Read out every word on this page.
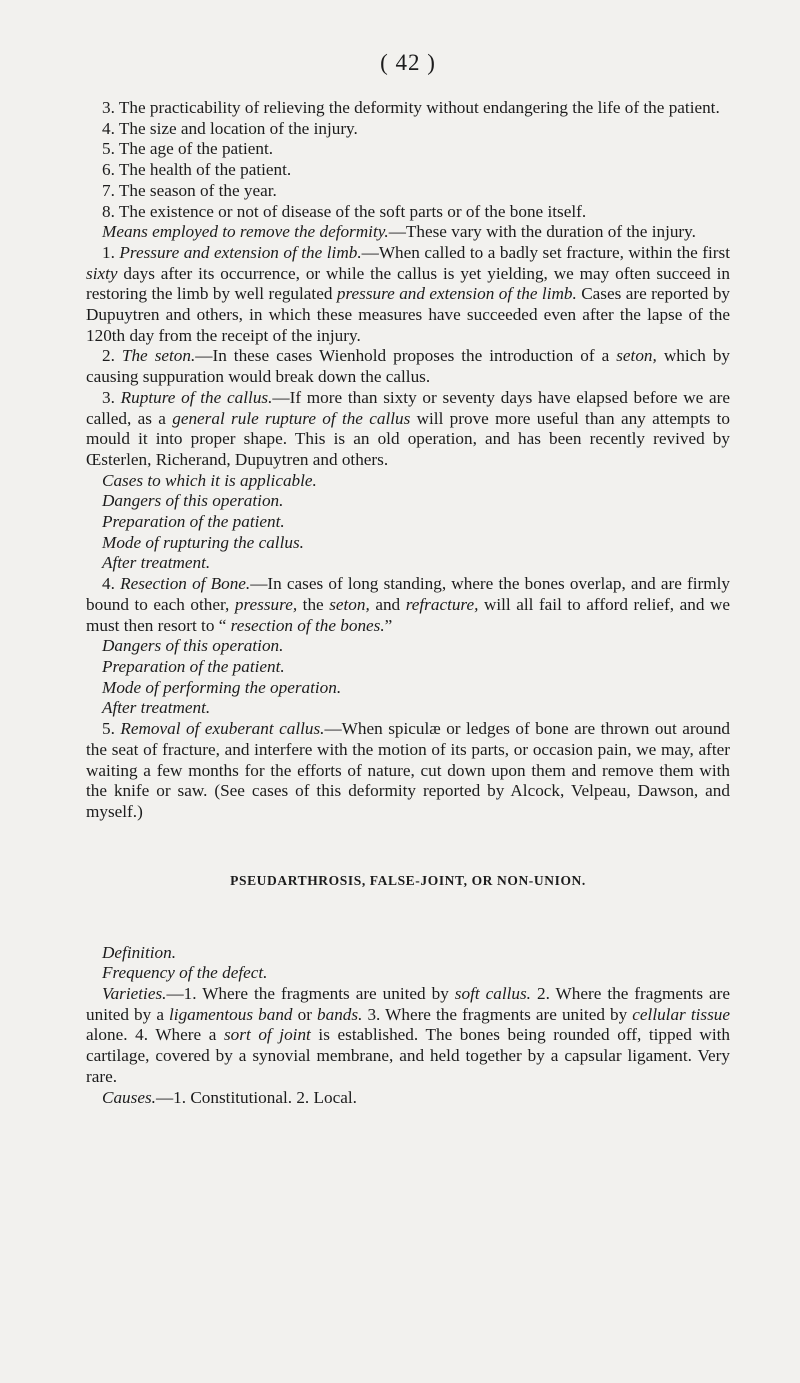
( 42 )

3. The practicability of relieving the deformity without endangering the life of the patient.

4. The size and location of the injury.

5. The age of the patient.

6. The health of the patient.

7. The season of the year.

8. The existence or not of disease of the soft parts or of the bone itself.

Means employed to remove the deformity.—These vary with the duration of the injury.

1. Pressure and extension of the limb.—When called to a badly set fracture, within the first sixty days after its occurrence, or while the callus is yet yielding, we may often succeed in restoring the limb by well regulated pressure and extension of the limb. Cases are reported by Dupuytren and others, in which these measures have succeeded even after the lapse of the 120th day from the receipt of the injury.

2. The seton.—In these cases Wienhold proposes the introduction of a seton, which by causing suppuration would break down the callus.

3. Rupture of the callus.—If more than sixty or seventy days have elapsed before we are called, as a general rule rupture of the callus will prove more useful than any attempts to mould it into proper shape. This is an old operation, and has been recently revived by Œsterlen, Richerand, Dupuytren and others.

Cases to which it is applicable.

Dangers of this operation.

Preparation of the patient.

Mode of rupturing the callus.

After treatment.

4. Resection of Bone.—In cases of long standing, where the bones overlap, and are firmly bound to each other, pressure, the seton, and refracture, will all fail to afford relief, and we must then resort to “ resection of the bones.”

Dangers of this operation.

Preparation of the patient.

Mode of performing the operation.

After treatment.

5. Removal of exuberant callus.—When spiculæ or ledges of bone are thrown out around the seat of fracture, and interfere with the motion of its parts, or occasion pain, we may, after waiting a few months for the efforts of nature, cut down upon them and remove them with the knife or saw. (See cases of this deformity reported by Alcock, Velpeau, Dawson, and myself.)

PSEUDARTHROSIS, FALSE-JOINT, OR NON-UNION.

Definition.

Frequency of the defect.

Varieties.—1. Where the fragments are united by soft callus. 2. Where the fragments are united by a ligamentous band or bands. 3. Where the fragments are united by cellular tissue alone. 4. Where a sort of joint is established. The bones being rounded off, tipped with cartilage, covered by a synovial membrane, and held together by a capsular ligament. Very rare.

Causes.—1. Constitutional. 2. Local.
